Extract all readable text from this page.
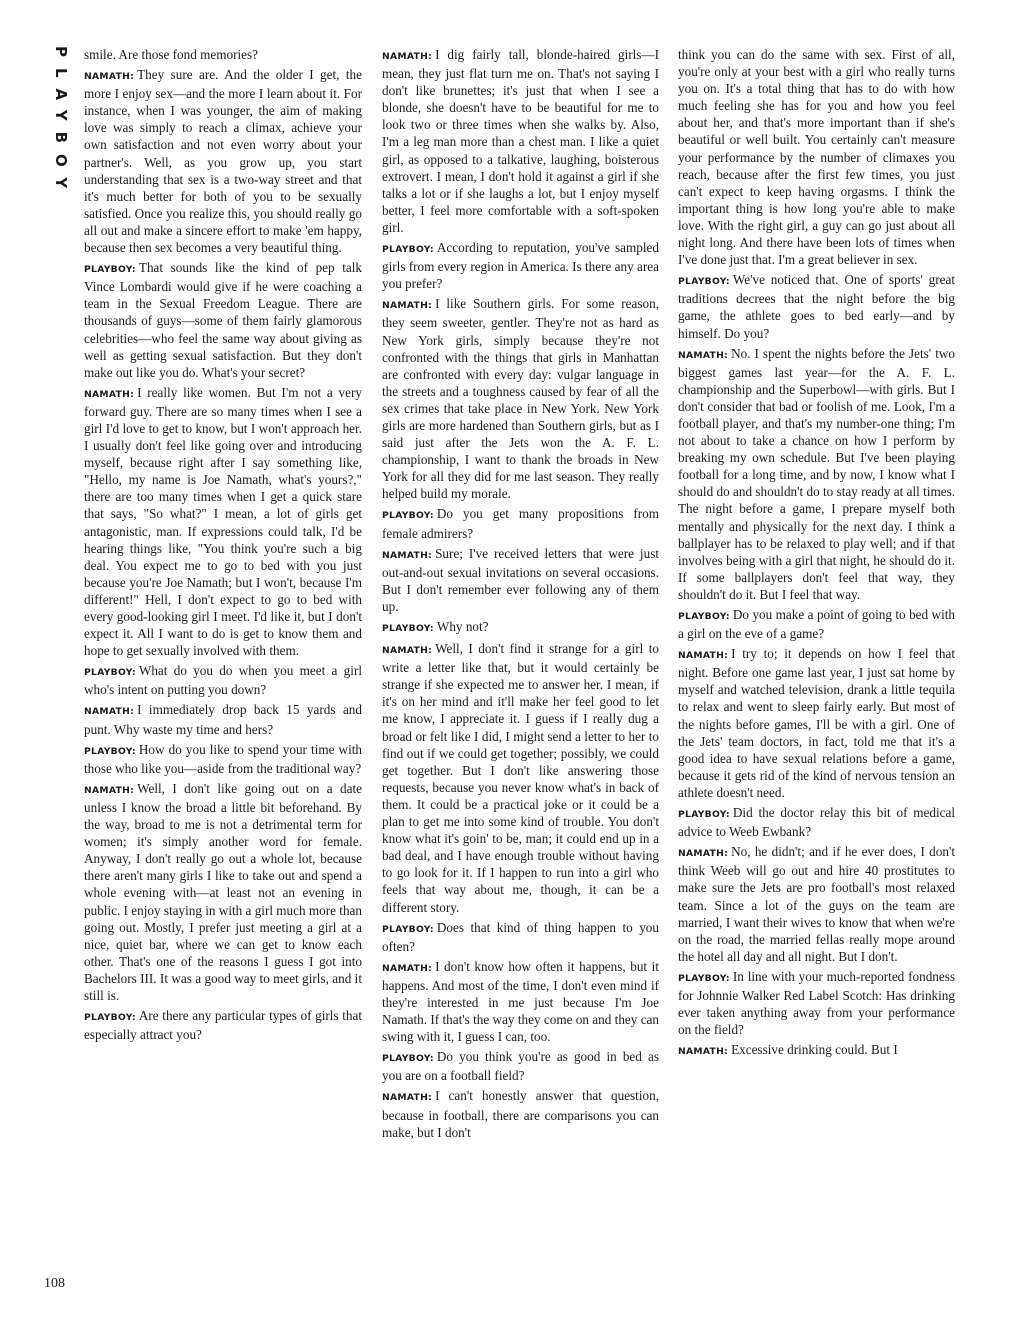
PLAYBOY smile. Are those fond memories?

NAMATH: They sure are. And the older I get, the more I enjoy sex—and the more I learn about it. For instance, when I was younger, the aim of making love was simply to reach a climax, achieve your own satisfaction and not even worry about your partner's. Well, as you grow up, you start understanding that sex is a two-way street and that it's much better for both of you to be sexually satisfied. Once you realize this, you should really go all out and make a sincere effort to make 'em happy, because then sex becomes a very beautiful thing.

PLAYBOY: That sounds like the kind of pep talk Vince Lombardi would give if he were coaching a team in the Sexual Freedom League. There are thousands of guys—some of them fairly glamorous celebrities—who feel the same way about giving as well as getting sexual satisfaction. But they don't make out like you do. What's your secret?

NAMATH: I really like women. But I'm not a very forward guy. There are so many times when I see a girl I'd love to get to know, but I won't approach her. I usually don't feel like going over and introducing myself, because right after I say something like, "Hello, my name is Joe Namath, what's yours?," there are too many times when I get a quick stare that says, "So what?" I mean, a lot of girls get antagonistic, man. If expressions could talk, I'd be hearing things like, "You think you're such a big deal. You expect me to go to bed with you just because you're Joe Namath; but I won't, because I'm different!" Hell, I don't expect to go to bed with every good-looking girl I meet. I'd like it, but I don't expect it. All I want to do is get to know them and hope to get sexually involved with them.

PLAYBOY: What do you do when you meet a girl who's intent on putting you down?

NAMATH: I immediately drop back 15 yards and punt. Why waste my time and hers?

PLAYBOY: How do you like to spend your time with those who like you—aside from the traditional way?

NAMATH: Well, I don't like going out on a date unless I know the broad a little bit beforehand. By the way, broad to me is not a detrimental term for women; it's simply another word for female. Anyway, I don't really go out a whole lot, because there aren't many girls I like to take out and spend a whole evening with—at least not an evening in public. I enjoy staying in with a girl much more than going out. Mostly, I prefer just meeting a girl at a nice, quiet bar, where we can get to know each other. That's one of the reasons I guess I got into Bachelors III. It was a good way to meet girls, and it still is.

PLAYBOY: Are there any particular types of girls that especially attract you?

NAMATH: I dig fairly tall, blonde-haired girls—I mean, they just flat turn me on. That's not saying I don't like brunettes; it's just that when I see a blonde, she doesn't have to be beautiful for me to look two or three times when she walks by. Also, I'm a leg man more than a chest man. I like a quiet girl, as opposed to a talkative, laughing, boisterous extrovert. I mean, I don't hold it against a girl if she talks a lot or if she laughs a lot, but I enjoy myself better, I feel more comfortable with a soft-spoken girl.

PLAYBOY: According to reputation, you've sampled girls from every region in America. Is there any area you prefer?

NAMATH: I like Southern girls. For some reason, they seem sweeter, gentler. They're not as hard as New York girls, simply because they're not confronted with the things that girls in Manhattan are confronted with every day: vulgar language in the streets and a toughness caused by fear of all the sex crimes that take place in New York. New York girls are more hardened than Southern girls, but as I said just after the Jets won the A. F. L. championship, I want to thank the broads in New York for all they did for me last season. They really helped build my morale.

PLAYBOY: Do you get many propositions from female admirers?

NAMATH: Sure; I've received letters that were just out-and-out sexual invitations on several occasions. But I don't remember ever following any of them up.

PLAYBOY: Why not?

NAMATH: Well, I don't find it strange for a girl to write a letter like that, but it would certainly be strange if she expected me to answer her. I mean, if it's on her mind and it'll make her feel good to let me know, I appreciate it. I guess if I really dug a broad or felt like I did, I might send a letter to her to find out if we could get together; possibly, we could get together. But I don't like answering those requests, because you never know what's in back of them. It could be a practical joke or it could be a plan to get me into some kind of trouble. You don't know what it's goin' to be, man; it could end up in a bad deal, and I have enough trouble without having to go look for it. If I happen to run into a girl who feels that way about me, though, it can be a different story.

PLAYBOY: Does that kind of thing happen to you often?

NAMATH: I don't know how often it happens, but it happens. And most of the time, I don't even mind if they're interested in me just because I'm Joe Namath. If that's the way they come on and they can swing with it, I guess I can, too.

PLAYBOY: Do you think you're as good in bed as you are on a football field?

NAMATH: I can't honestly answer that question, because in football, there are comparisons you can make, but I don't

think you can do the same with sex. First of all, you're only at your best with a girl who really turns you on. It's a total thing that has to do with how much feeling she has for you and how you feel about her, and that's more important than if she's beautiful or well built. You certainly can't measure your performance by the number of climaxes you reach, because after the first few times, you just can't expect to keep having orgasms. I think the important thing is how long you're able to make love. With the right girl, a guy can go just about all night long. And there have been lots of times when I've done just that. I'm a great believer in sex.

PLAYBOY: We've noticed that. One of sports' great traditions decrees that the night before the big game, the athlete goes to bed early—and by himself. Do you?

NAMATH: No. I spent the nights before the Jets' two biggest games last year—for the A. F. L. championship and the Superbowl—with girls. But I don't consider that bad or foolish of me. Look, I'm a football player, and that's my number-one thing; I'm not about to take a chance on how I perform by breaking my own schedule. But I've been playing football for a long time, and by now, I know what I should do and shouldn't do to stay ready at all times. The night before a game, I prepare myself both mentally and physically for the next day. I think a ballplayer has to be relaxed to play well; and if that involves being with a girl that night, he should do it. If some ballplayers don't feel that way, they shouldn't do it. But I feel that way.

PLAYBOY: Do you make a point of going to bed with a girl on the eve of a game?

NAMATH: I try to; it depends on how I feel that night. Before one game last year, I just sat home by myself and watched television, drank a little tequila to relax and went to sleep fairly early. But most of the nights before games, I'll be with a girl. One of the Jets' team doctors, in fact, told me that it's a good idea to have sexual relations before a game, because it gets rid of the kind of nervous tension an athlete doesn't need.

PLAYBOY: Did the doctor relay this bit of medical advice to Weeb Ewbank?

NAMATH: No, he didn't; and if he ever does, I don't think Weeb will go out and hire 40 prostitutes to make sure the Jets are pro football's most relaxed team. Since a lot of the guys on the team are married, I want their wives to know that when we're on the road, the married fellas really mope around the hotel all day and all night. But I don't.

PLAYBOY: In line with your much-reported fondness for Johnnie Walker Red Label Scotch: Has drinking ever taken anything away from your performance on the field?

NAMATH: Excessive drinking could. But I

108
